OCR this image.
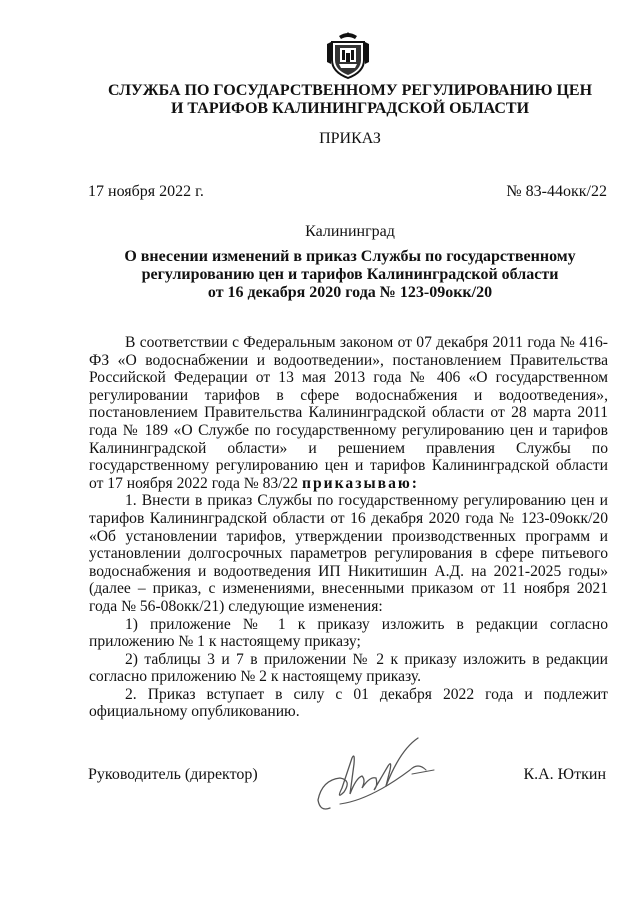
СЛУЖБА ПО ГОСУДАРСТВЕННОМУ РЕГУЛИРОВАНИЮ ЦЕН
И ТАРИФОВ КАЛИНИНГРАДСКОЙ ОБЛАСТИ
ПРИКАЗ
17 ноября 2022 г.	№ 83-44окк/22
Калининград
О внесении изменений в приказ Службы по государственному
регулированию цен и тарифов Калининградской области
от 16 декабря 2020 года № 123-09окк/20

В соответствии с Федеральным законом от 07 декабря 2011 года № 416-ФЗ «О водоснабжении и водоотведении», постановлением Правительства Российской Федерации от 13 мая 2013 года № 406 «О государственном регулировании тарифов в сфере водоснабжения и водоотведения», постановлением Правительства Калининградской области от 28 марта 2011 года № 189 «О Службе по государственному регулированию цен и тарифов Калининградской области» и решением правления Службы по государственному регулированию цен и тарифов Калининградской области от 17 ноября 2022 года № 83/22 приказываю:

1. Внести в приказ Службы по государственному регулированию цен и тарифов Калининградской области от 16 декабря 2020 года № 123-09окк/20 «Об установлении тарифов, утверждении производственных программ и установлении долгосрочных параметров регулирования в сфере питьевого водоснабжения и водоотведения ИП Никитишин А.Д. на 2021-2025 годы» (далее – приказ, с изменениями, внесенными приказом от 11 ноября 2021 года № 56-08окк/21) следующие изменения:

1) приложение № 1 к приказу изложить в редакции согласно приложению № 1 к настоящему приказу;

2) таблицы 3 и 7 в приложении № 2 к приказу изложить в редакции согласно приложению № 2 к настоящему приказу.

2. Приказ вступает в силу с 01 декабря 2022 года и подлежит официальному опубликованию.

Руководитель (директор)	К.А. Юткин
